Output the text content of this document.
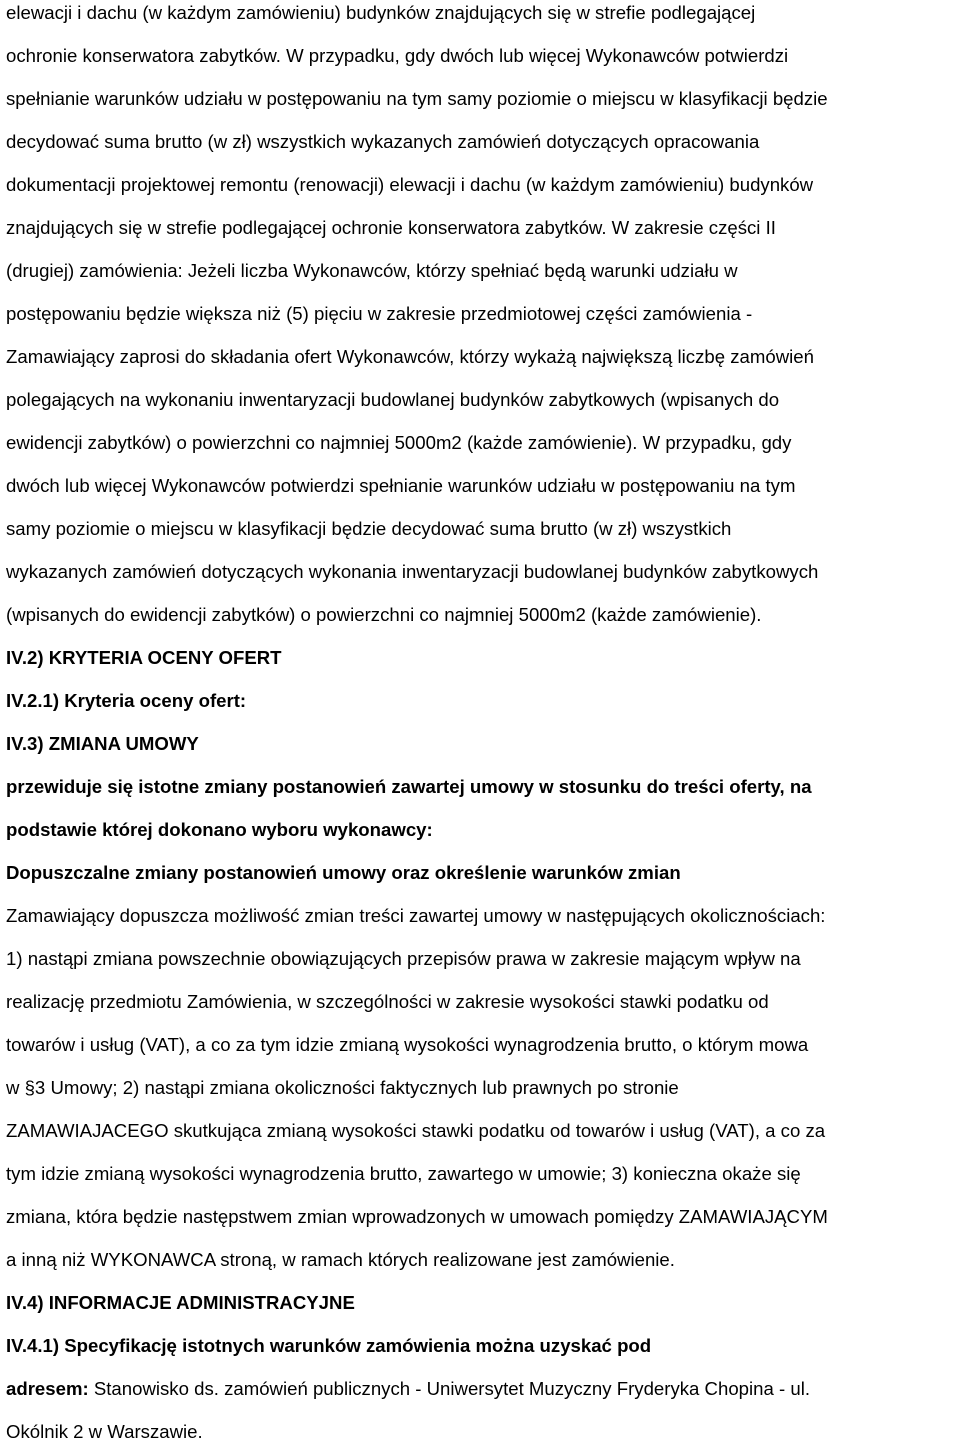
elewacji i dachu (w każdym zamówieniu) budynków znajdujących się w strefie podlegającej
ochronie konserwatora zabytków. W przypadku, gdy dwóch lub więcej Wykonawców potwierdzi
spełnianie warunków udziału w postępowaniu na tym samy poziomie o miejscu w klasyfikacji będzie
decydować suma brutto (w zł) wszystkich wykazanych zamówień dotyczących opracowania
dokumentacji projektowej remontu (renowacji) elewacji i dachu (w każdym zamówieniu) budynków
znajdujących się w strefie podlegającej ochronie konserwatora zabytków. W zakresie części II
(drugiej) zamówienia: Jeżeli liczba Wykonawców, którzy spełniać będą warunki udziału w
postępowaniu będzie większa niż (5) pięciu w zakresie przedmiotowej części zamówienia -
Zamawiający zaprosi do składania ofert Wykonawców, którzy wykażą największą liczbę zamówień
polegających na wykonaniu inwentaryzacji budowlanej budynków zabytkowych (wpisanych do
ewidencji zabytków) o powierzchni co najmniej 5000m2 (każde zamówienie). W przypadku, gdy
dwóch lub więcej Wykonawców potwierdzi spełnianie warunków udziału w postępowaniu na tym
samy poziomie o miejscu w klasyfikacji będzie decydować suma brutto (w zł) wszystkich
wykazanych zamówień dotyczących wykonania inwentaryzacji budowlanej budynków zabytkowych
(wpisanych do ewidencji zabytków) o powierzchni co najmniej 5000m2 (każde zamówienie).
IV.2) KRYTERIA OCENY OFERT
IV.2.1) Kryteria oceny ofert:
IV.3) ZMIANA UMOWY
przewiduje się istotne zmiany postanowień zawartej umowy w stosunku do treści oferty, na
podstawie której dokonano wyboru wykonawcy:
Dopuszczalne zmiany postanowień umowy oraz określenie warunków zmian
Zamawiający dopuszcza możliwość zmian treści zawartej umowy w następujących okolicznościach:
1) nastąpi zmiana powszechnie obowiązujących przepisów prawa w zakresie mającym wpływ na
realizację przedmiotu Zamówienia, w szczególności w zakresie wysokości stawki podatku od
towarów i usług (VAT), a co za tym idzie zmianą wysokości wynagrodzenia brutto, o którym mowa
w §3 Umowy; 2) nastąpi zmiana okoliczności faktycznych lub prawnych po stronie
ZAMAWIAJACEGO skutkująca zmianą wysokości stawki podatku od towarów i usług (VAT), a co za
tym idzie zmianą wysokości wynagrodzenia brutto, zawartego w umowie; 3) konieczna okaże się
zmiana, która będzie następstwem zmian wprowadzonych w umowach pomiędzy ZAMAWIAJĄCYM
a inną niż WYKONAWCA stroną, w ramach których realizowane jest zamówienie.
IV.4) INFORMACJE ADMINISTRACYJNE
IV.4.1) Specyfikację istotnych warunków zamówienia można uzyskać pod
adresem: Stanowisko ds. zamówień publicznych - Uniwersytet Muzyczny Fryderyka Chopina - ul.
Okólnik 2 w Warszawie.
